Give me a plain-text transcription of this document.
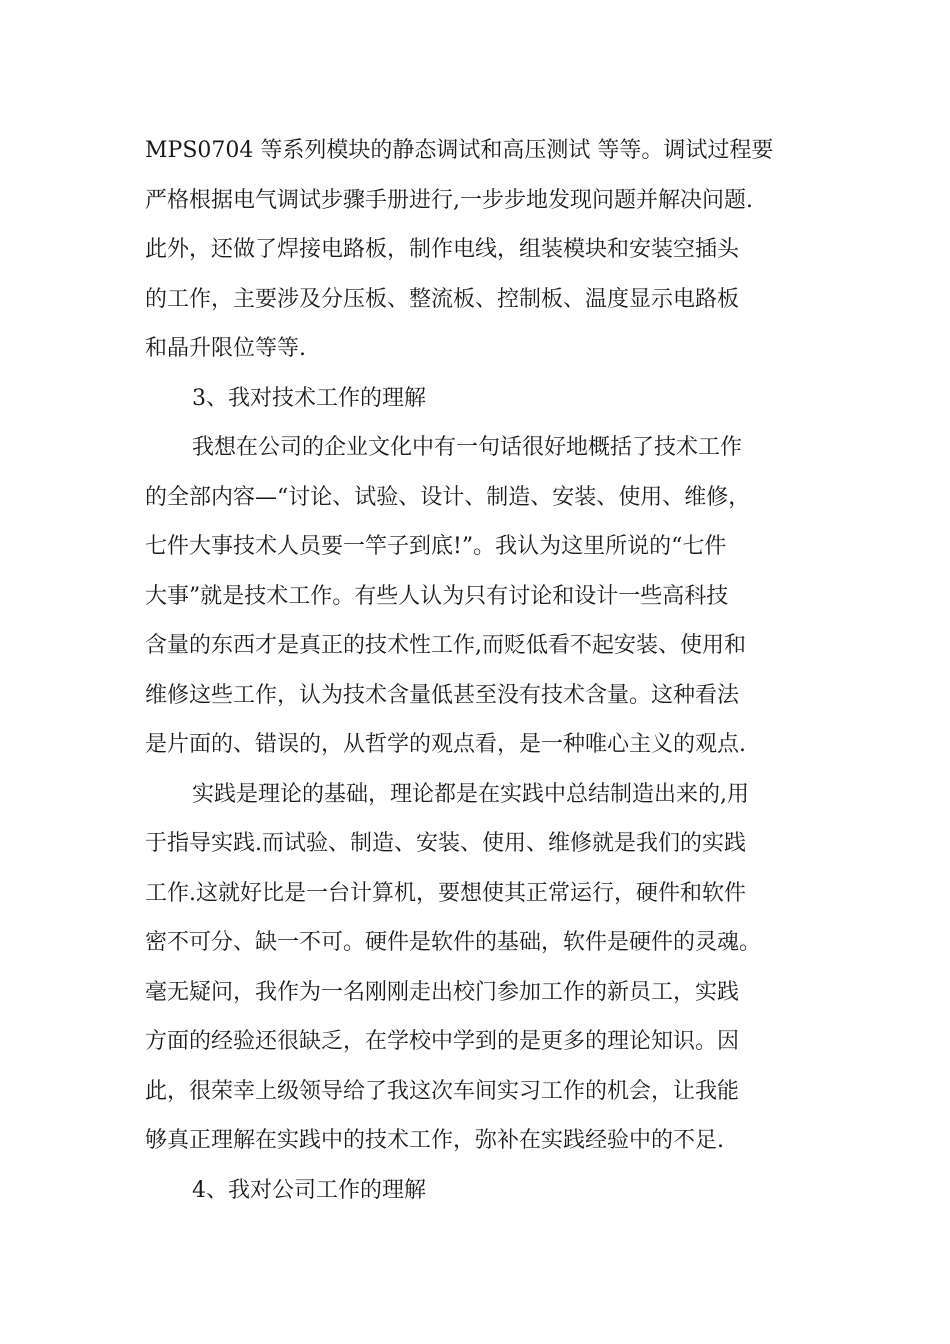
MPS0704 等系列模块的静态调试和高压测试 等等。调试过程要
严格根据电气调试步骤手册进行,一步步地发现问题并解决问题.
此外，还做了焊接电路板，制作电线，组装模块和安装空插头
的工作，主要涉及分压板、整流板、控制板、温度显示电路板
和晶升限位等等.
3、我对技术工作的理解
我想在公司的企业文化中有一句话很好地概括了技术工作
的全部内容—“讨论、试验、设计、制造、安装、使用、维修，
七件大事技术人员要一竿子到底!”。我认为这里所说的“七件
大事”就是技术工作。有些人认为只有讨论和设计一些高科技
含量的东西才是真正的技术性工作,而贬低看不起安装、使用和
维修这些工作，认为技术含量低甚至没有技术含量。这种看法
是片面的、错误的，从哲学的观点看，是一种唯心主义的观点.
实践是理论的基础，理论都是在实践中总结制造出来的,用
于指导实践.而试验、制造、安装、使用、维修就是我们的实践
工作.这就好比是一台计算机，要想使其正常运行，硬件和软件
密不可分、缺一不可。硬件是软件的基础，软件是硬件的灵魂。
毫无疑问，我作为一名刚刚走出校门参加工作的新员工，实践
方面的经验还很缺乏，在学校中学到的是更多的理论知识。因
此，很荣幸上级领导给了我这次车间实习工作的机会，让我能
够真正理解在实践中的技术工作，弥补在实践经验中的不足.
4、我对公司工作的理解
